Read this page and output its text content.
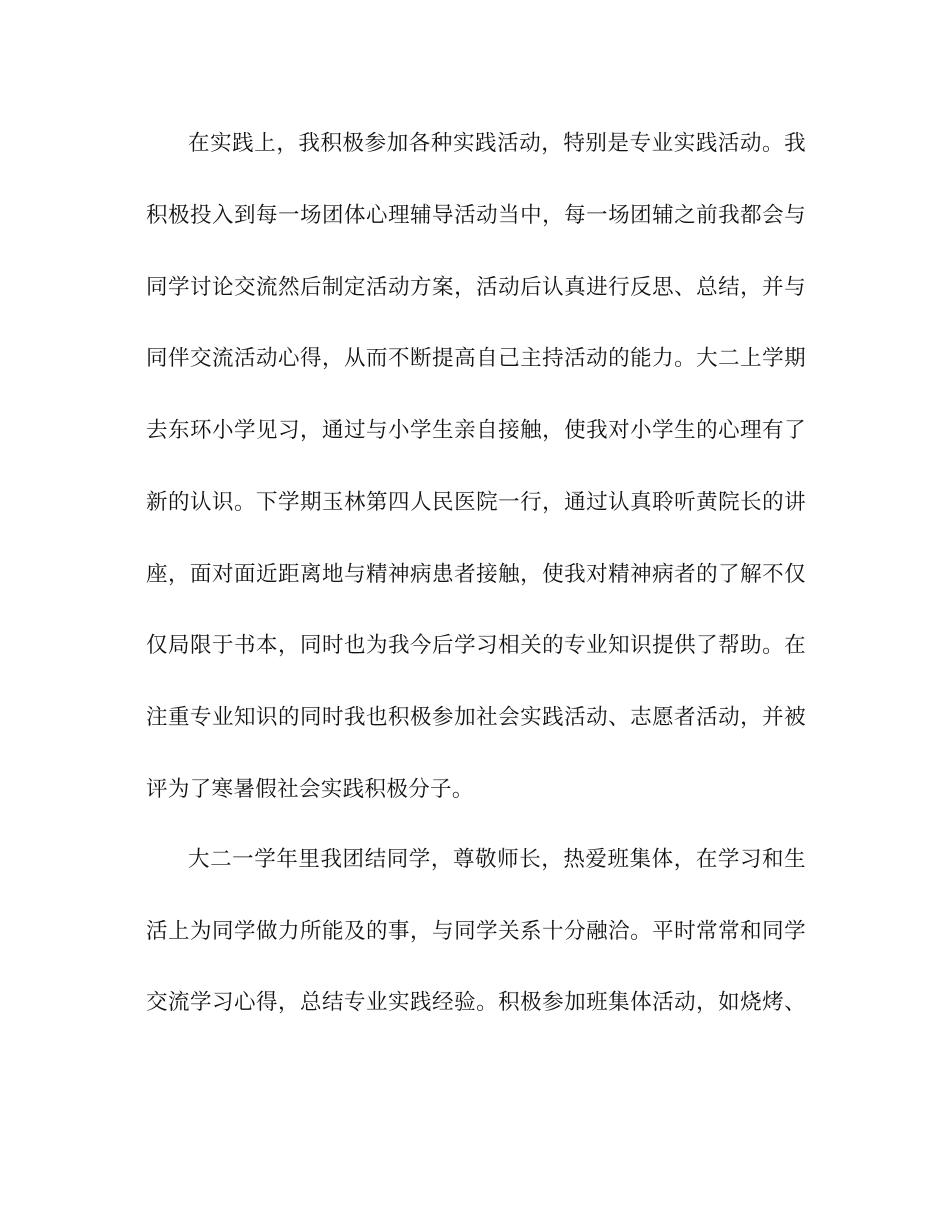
在实践上，我积极参加各种实践活动，特别是专业实践活动。我

积极投入到每一场团体心理辅导活动当中，每一场团辅之前我都会与

同学讨论交流然后制定活动方案，活动后认真进行反思、总结，并与

同伴交流活动心得，从而不断提高自己主持活动的能力。大二上学期

去东环小学见习，通过与小学生亲自接触，使我对小学生的心理有了

新的认识。下学期玉林第四人民医院一行，通过认真聆听黄院长的讲

座，面对面近距离地与精神病患者接触，使我对精神病者的了解不仅

仅局限于书本，同时也为我今后学习相关的专业知识提供了帮助。在

注重专业知识的同时我也积极参加社会实践活动、志愿者活动，并被

评为了寒暑假社会实践积极分子。

大二一学年里我团结同学，尊敬师长，热爱班集体，在学习和生

活上为同学做力所能及的事，与同学关系十分融洽。平时常常和同学

交流学习心得，总结专业实践经验。积极参加班集体活动，如烧烤、
